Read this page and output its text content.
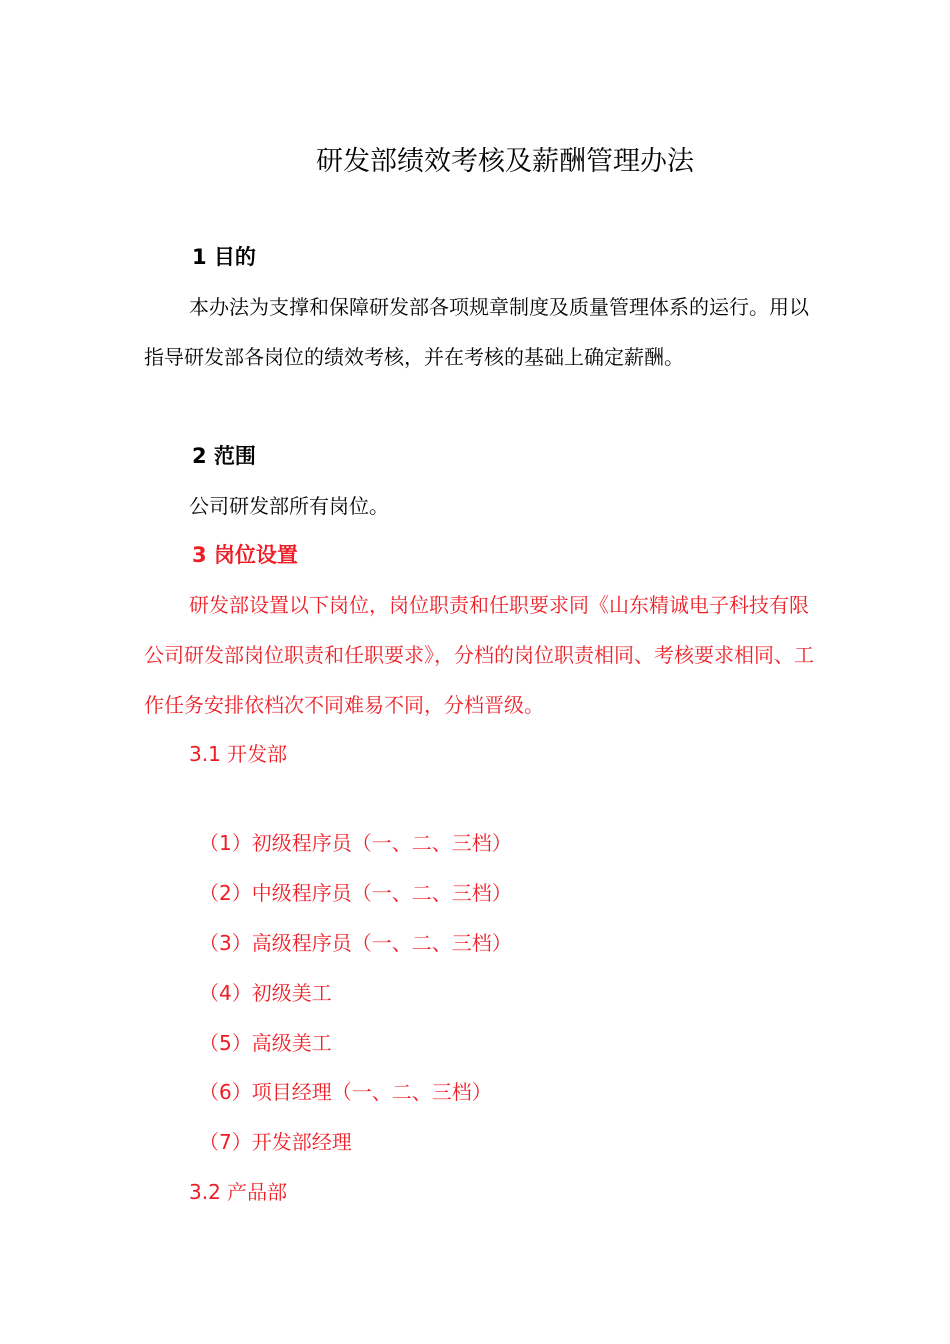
研发部绩效考核及薪酬管理办法
1 目的

本办法为支撑和保障研发部各项规章制度及质量管理体系的运行。用以指导研发部各岗位的绩效考核，并在考核的基础上确定薪酬。

2 范围

公司研发部所有岗位。

3 岗位设置

研发部设置以下岗位，岗位职责和任职要求同《山东精诚电子科技有限公司研发部岗位职责和任职要求》，分档的岗位职责相同、考核要求相同、工作任务安排依档次不同难易不同，分档晋级。

3.1 开发部
（1）初级程序员（一、二、三档）
（2）中级程序员（一、二、三档）
（3）高级程序员（一、二、三档）
（4）初级美工
（5）高级美工
（6）项目经理（一、二、三档）
（7）开发部经理
3.2 产品部
